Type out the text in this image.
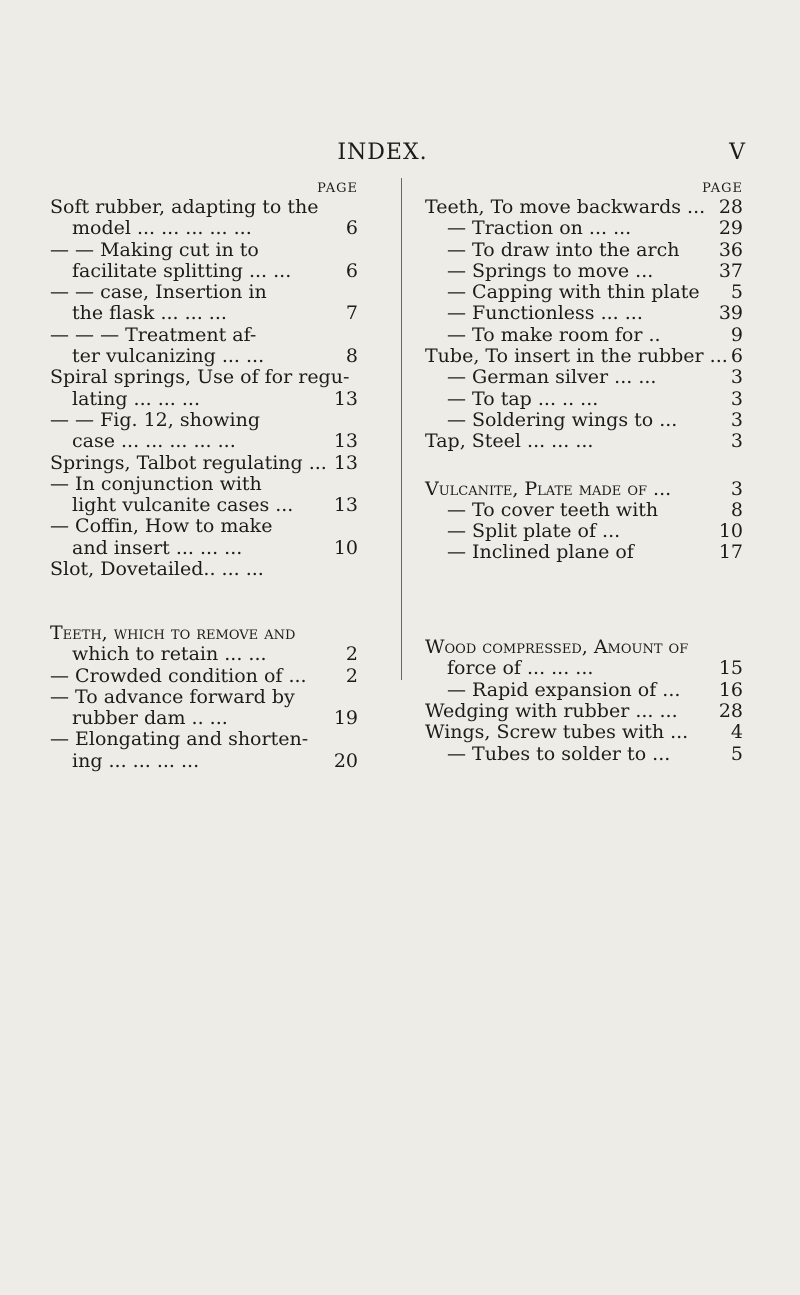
INDEX.	V
PAGE
Soft rubber, adapting to the
model ... ... ... ... ...	6
— — Making cut in to
facilitate splitting ... ...	6
— — case, Insertion in
the flask ... ... ...	7
— — — Treatment af-
ter vulcanizing ... ...	8
Spiral springs, Use of for regu-
lating ... ... ...	13
— — Fig. 12, showing
case ... ... ... ... ...	13
Springs, Talbot regulating ... 13
— In conjunction with
light vulcanite cases ... 13
— Coffin, How to make
and insert ... ... ...	10
Slot, Dovetailed.. ... ...
Teeth, which to remove and
which to retain ... ...	2
— Crowded condition of ... 2
— To advance forward by
rubber dam .. ...	19
— Elongating and shorten-
ing ... ... ... ...	20
PAGE
Teeth, To move backwards ... 28
— Traction on ... ...	29
— To draw into the arch 36
— Springs to move ...	37
— Capping with thin plate 5
— Functionless ... ...	39
— To make room for ..	9
Tube, To insert in the rubber ... 6
— German silver ... ...	3
— To tap ... .. ...	3
— Soldering wings to ...	3
Tap, Steel ... ... ...	3
Vulcanite, Plate made of ...	3
— To cover teeth with	8
— Split plate of ...	10
— Inclined plane of	17
Wood compressed, Amount of
force of ... ... ...	15
— Rapid expansion of ... 16
Wedging with rubber ... ... 28
Wings, Screw tubes with ... 4
— Tubes to solder to ...	5
